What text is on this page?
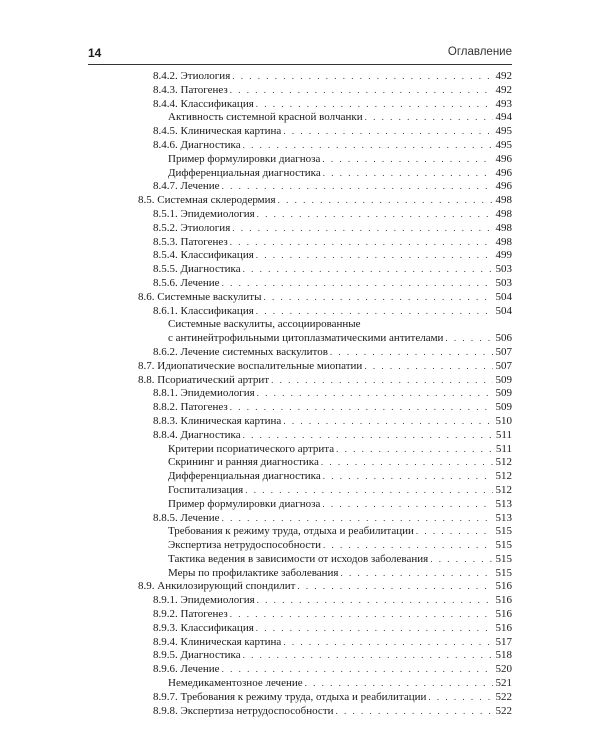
14	Оглавление
8.4.2. Этиология . . .	492
8.4.3. Патогенез . . .	492
8.4.4. Классификация . . .	493
Активность системной красной волчанки . . .	494
8.4.5. Клиническая картина . . .	495
8.4.6. Диагностика . . .	495
Пример формулировки диагноза . . .	496
Дифференциальная диагностика . . .	496
8.4.7. Лечение . . .	496
8.5. Системная склеродермия . . .	498
8.5.1. Эпидемиология . . .	498
8.5.2. Этиология . . .	498
8.5.3. Патогенез . . .	498
8.5.4. Классификация . . .	499
8.5.5. Диагностика . . .	503
8.5.6. Лечение . . .	503
8.6. Системные васкулиты . . .	504
8.6.1. Классификация . . .	504
Системные васкулиты, ассоциированные
с антинейтрофильными цитоплазматическими антителами . . .	506
8.6.2. Лечение системных васкулитов . . .	507
8.7. Идиопатические воспалительные миопатии . . .	507
8.8. Псориатический артрит . . .	509
8.8.1. Эпидемиология . . .	509
8.8.2. Патогенез . . .	509
8.8.3. Клиническая картина . . .	510
8.8.4. Диагностика . . .	511
Критерии псориатического артрита . . .	511
Скрининг и ранняя диагностика . . .	512
Дифференциальная диагностика . . .	512
Госпитализация . . .	512
Пример формулировки диагноза . . .	513
8.8.5. Лечение . . .	513
Требования к режиму труда, отдыха и реабилитации . . .	515
Экспертиза нетрудоспособности . . .	515
Тактика ведения в зависимости от исходов заболевания . . .	515
Меры по профилактике заболевания . . .	515
8.9. Анкилозирующий спондилит . . .	516
8.9.1. Эпидемиология . . .	516
8.9.2. Патогенез . . .	516
8.9.3. Классификация . . .	516
8.9.4. Клиническая картина . . .	517
8.9.5. Диагностика . . .	518
8.9.6. Лечение . . .	520
Немедикаментозное лечение . . .	521
8.9.7. Требования к режиму труда, отдыха и реабилитации . . .	522
8.9.8. Экспертиза нетрудоспособности . . .	522
